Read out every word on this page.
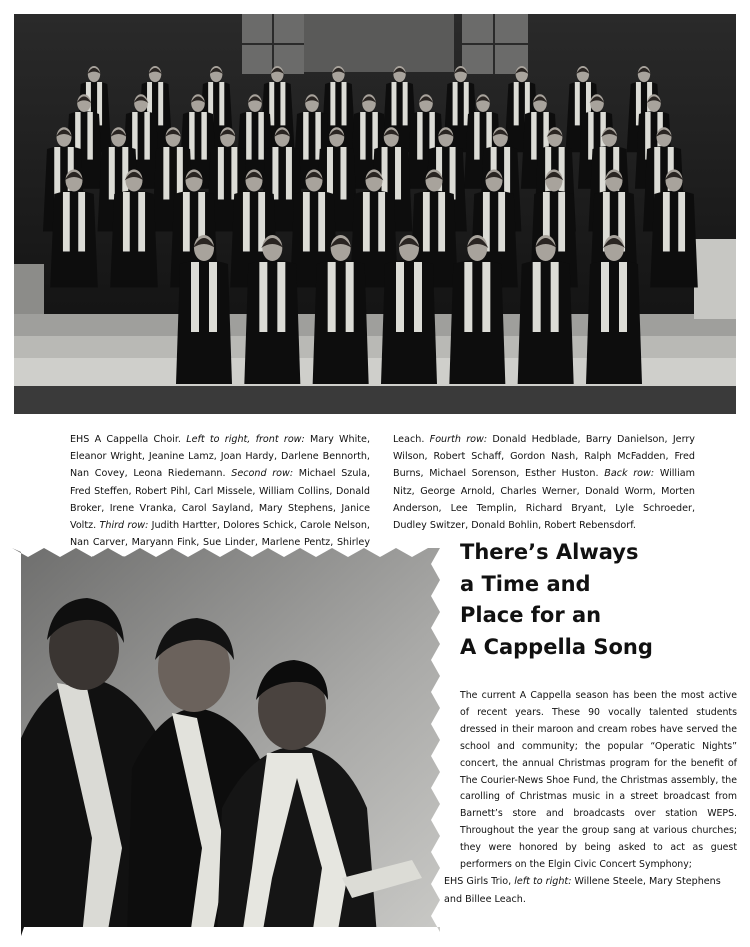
EHS A Cappella Choir. Left to right, front row: Mary White, Eleanor Wright, Jeanine Lamz, Joan Hardy, Darlene Bennorth, Nan Covey, Leona Riedemann. Second row: Michael Szula, Fred Steffen, Robert Pihl, Carl Missele, William Collins, Donald Broker, Irene Vranka, Carol Sayland, Mary Stephens, Janice Voltz. Third row: Judith Hartter, Dolores Schick, Carole Nelson, Nan Carver, Maryann Fink, Sue Linder, Marlene Pentz, Shirley
Leach. Fourth row: Donald Hedblade, Barry Danielson, Jerry Wilson, Robert Schaff, Gordon Nash, Ralph McFadden, Fred Burns, Michael Sorenson, Esther Huston. Back row: William Nitz, George Arnold, Charles Werner, Donald Worm, Morten Anderson, Lee Templin, Richard Bryant, Lyle Schroeder, Dudley Switzer, Donald Bohlin, Robert Rebensdorf.
There’s Always
a Time and
Place for an
A Cappella Song

The current A Cappella season has been the most active of recent years. These 90 vocally talented students dressed in their maroon and cream robes have served the school and community; the popular “Operatic Nights” concert, the annual Christmas program for the benefit of The Courier-News Shoe Fund, the Christmas assembly, the carolling of Christmas music in a street broadcast from Barnett’s store and broadcasts over station WEPS. Throughout the year the group sang at various churches; they were honored by being asked to act as guest performers on the Elgin Civic Concert Symphony;

EHS Girls Trio, left to right: Willene Steele, Mary Stephens and Billee Leach.
